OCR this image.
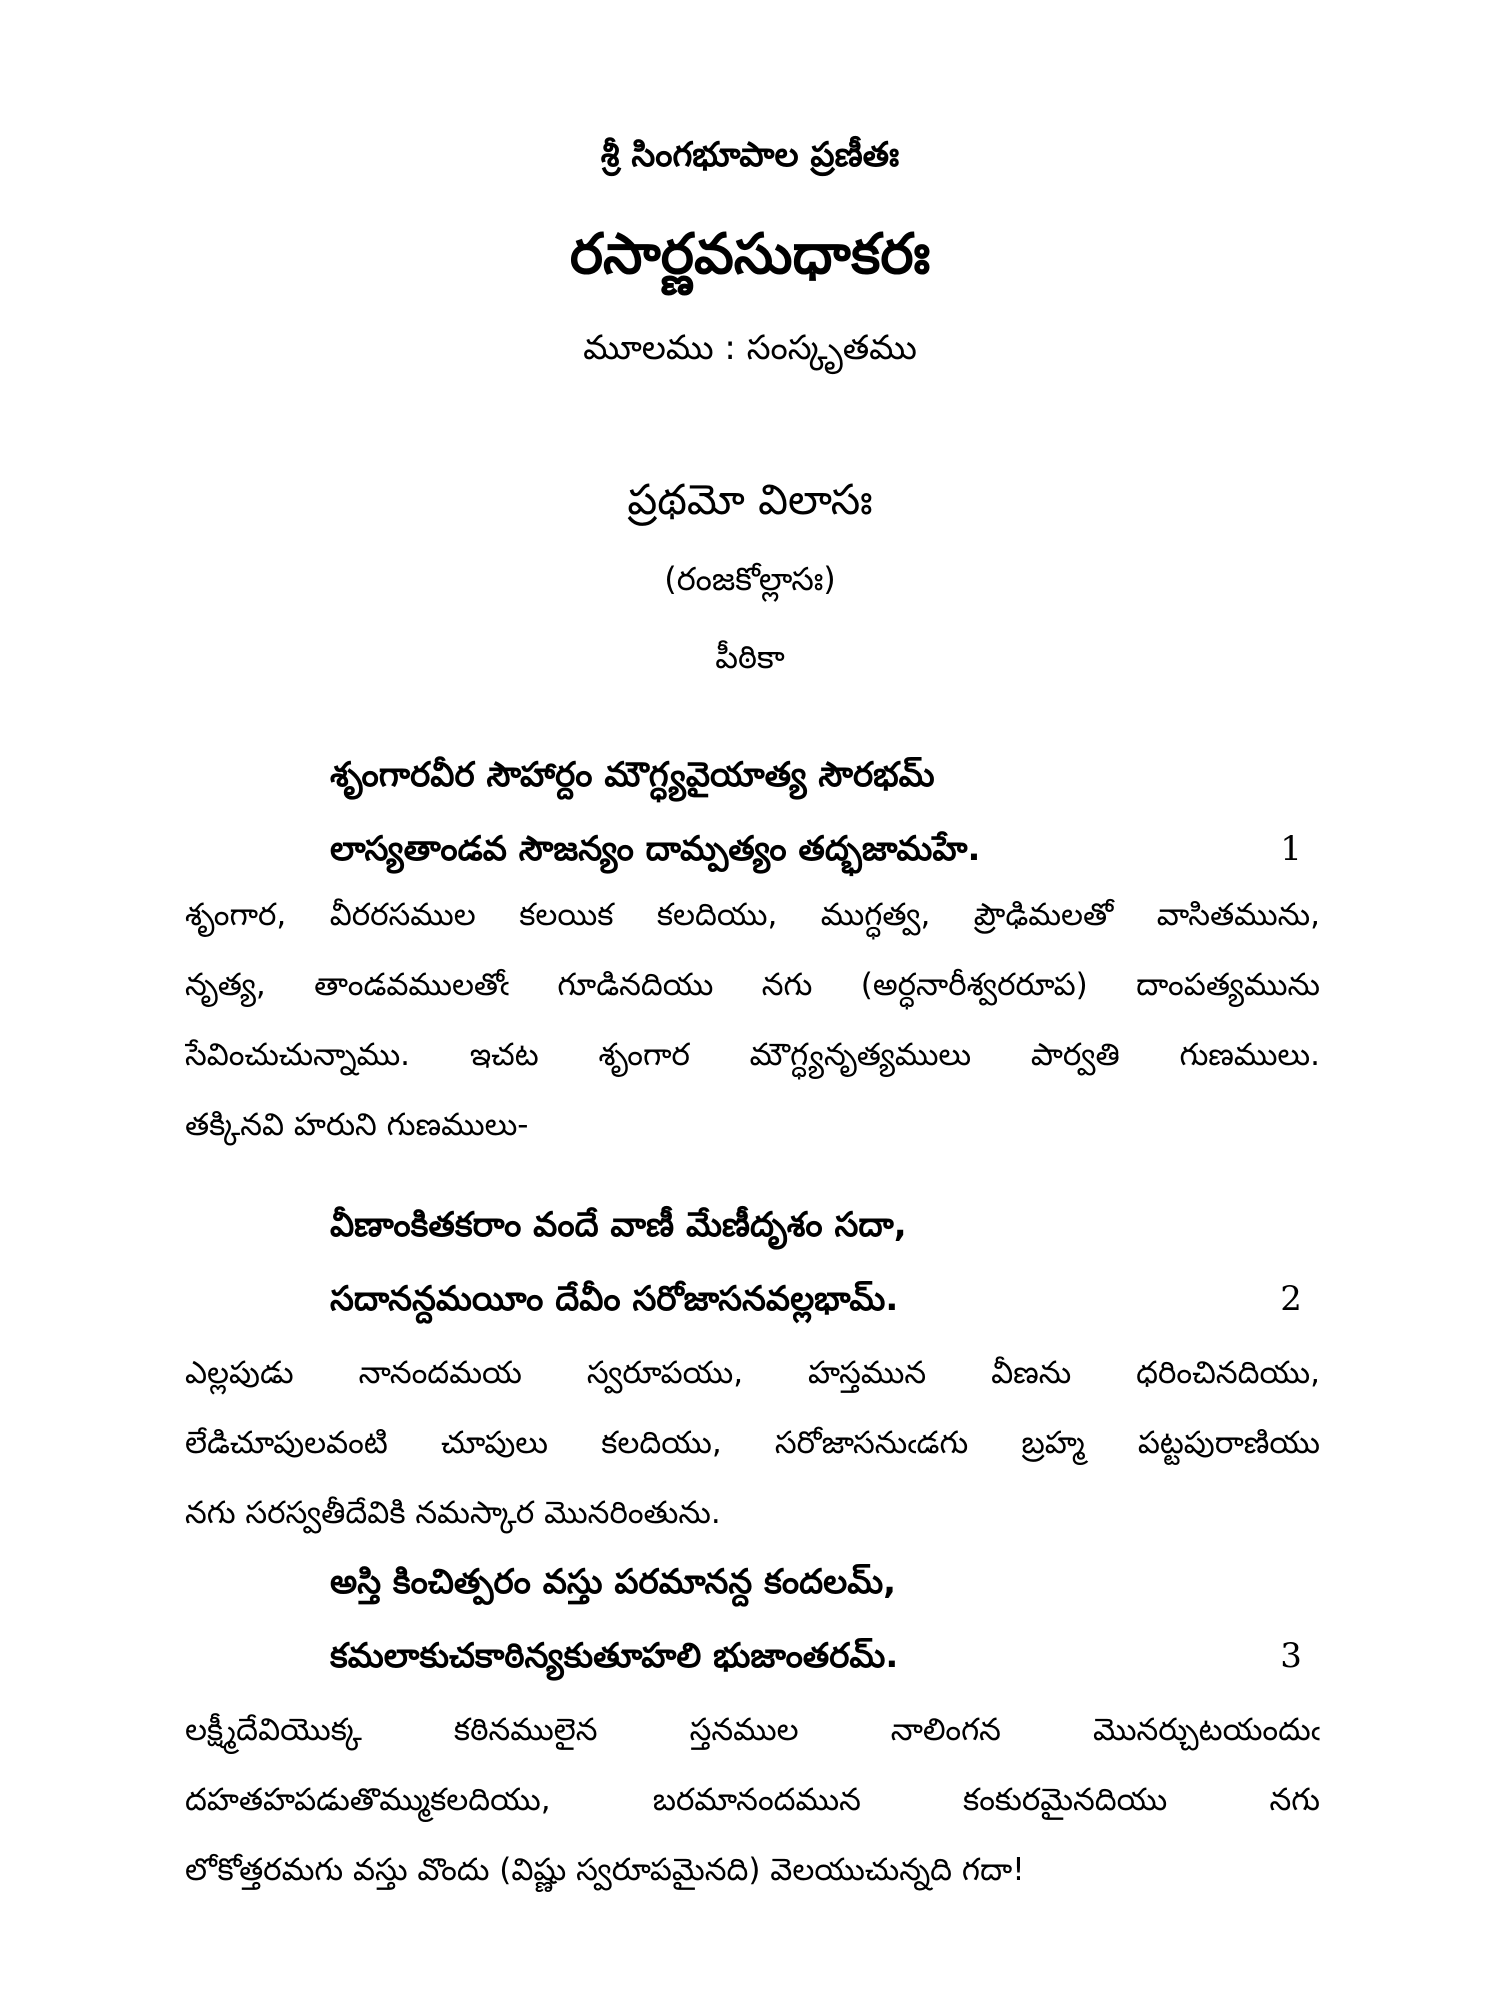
శ్రీ సింగభూపాల ప్రణీతః
రసార్ణవసుధాకరః
మూలము : సంస్కృతము
ప్రథమో విలాసః
(రంజకోల్లాసః)
పీఠికా
శృంగారవీర సౌహార్దం మౌగ్ధ్యవైయాత్య సౌరభమ్
లాస్యతాండవ సౌజన్యం దామ్పత్యం తద్భజామహే.	1
శృంగార, వీరరసముల కలయిక కలదియు, ముగ్ధత్వ, ప్రౌఢిమలతో వాసితమును,
నృత్య, తాండవములతోఁ గూడినదియు నగు (అర్ధనారీశ్వరరూప) దాంపత్యమును
సేవించుచున్నాము. ఇచట శృంగార మౌగ్ధ్యనృత్యములు పార్వతి గుణములు.
తక్కినవి హరుని గుణములు-
వీణాంకితకరాం వందే వాణీ మేణీదృశం సదా,
సదానన్దమయీం దేవీం సరోజాసనవల్లభామ్.	2
ఎల్లపుడు నానందమయ స్వరూపయు, హస్తమున వీణను ధరించినదియు,
లేడిచూపులవంటి చూపులు కలదియు, సరోజాసనుఁడగు బ్రహ్మ పట్టపురాణియు
నగు సరస్వతీదేవికి నమస్కార మొనరింతును.
అస్తి కించిత్పరం వస్తు పరమానన్ద కందలమ్,
కమలాకుచకాఠిన్యకుతూహలి భుజాంతరమ్.	3
లక్ష్మీదేవియొక్క కఠినములైన స్తనముల నాలింగన మొనర్చుటయందుఁ
దహతహపడుతొమ్ముకలదియు, బరమానందమున కంకురమైనదియు నగు
లోకోత్తరమగు వస్తు వొందు (విష్ణు స్వరూపమైనది) వెలయుచున్నది గదా!
